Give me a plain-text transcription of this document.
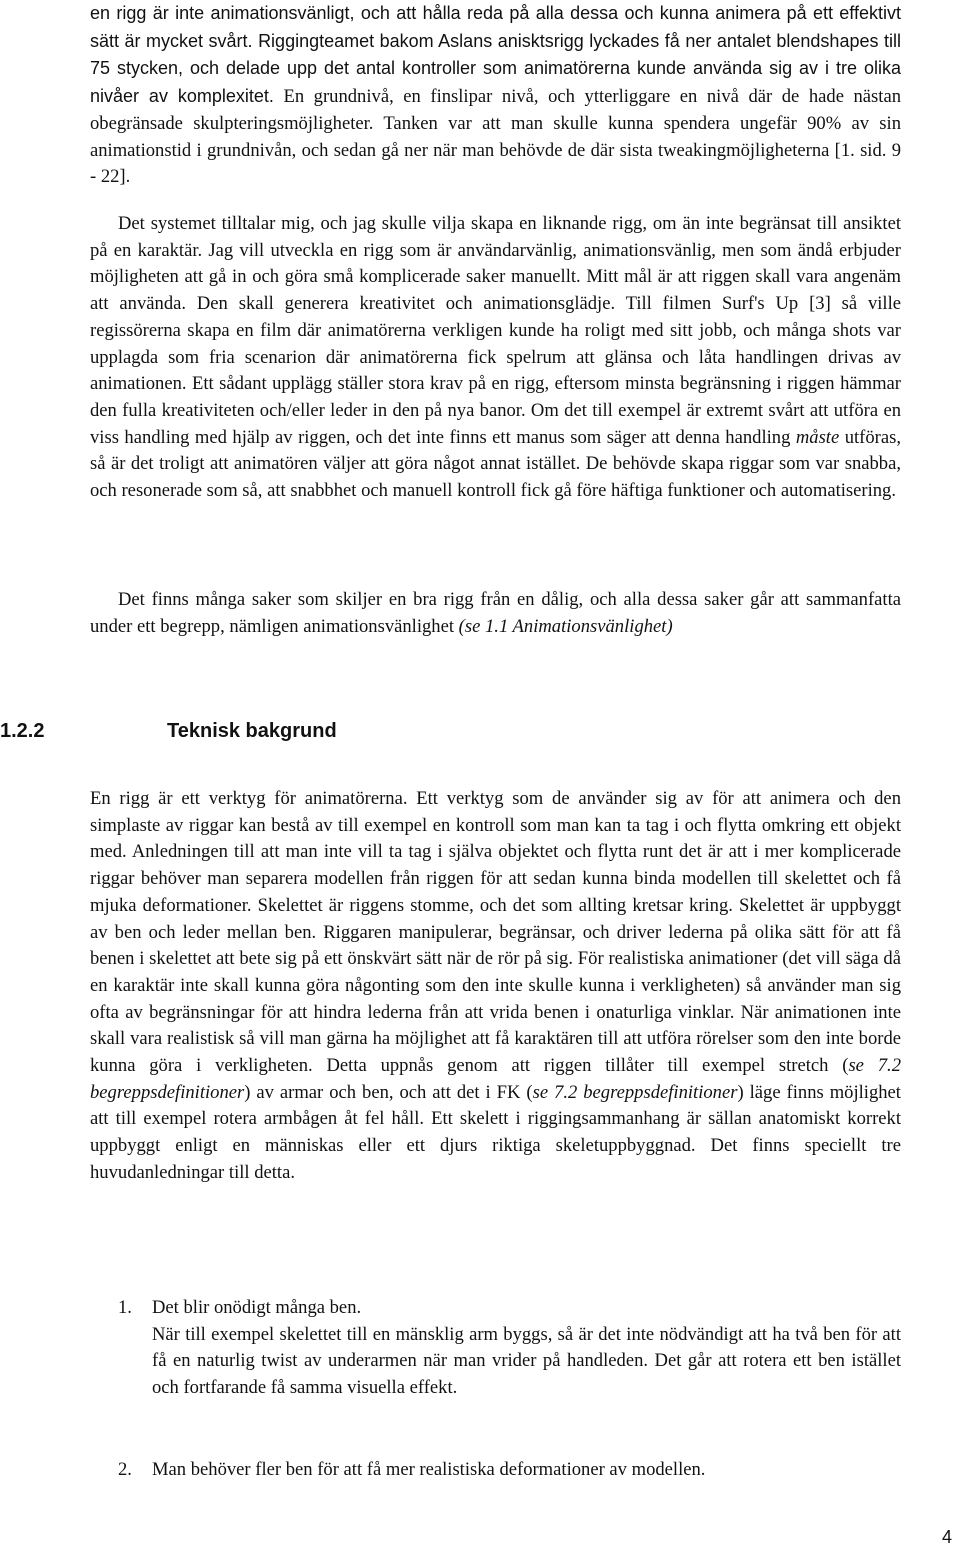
en rigg är inte animationsvänligt, och att hålla reda på alla dessa och kunna animera på ett effektivt sätt är mycket svårt. Riggingteamet bakom Aslans anisktsrigg lyckades få ner antalet blendshapes till 75 stycken, och delade upp det antal kontroller som animatörerna kunde använda sig av i tre olika nivåer av komplexitet. En grundnivå, en finslipar nivå, och ytterliggare en nivå där de hade nästan obegränsade skulpteringsmöjligheter. Tanken var att man skulle kunna spendera ungefär 90% av sin animationstid i grundnivån, och sedan gå ner när man behövde de där sista tweakingmöjligheterna [1. sid. 9 - 22].

Det systemet tilltalar mig, och jag skulle vilja skapa en liknande rigg, om än inte begränsat till ansiktet på en karaktär. Jag vill utveckla en rigg som är användarvänlig, animationsvänlig, men som ändå erbjuder möjligheten att gå in och göra små komplicerade saker manuellt. Mitt mål är att riggen skall vara angenäm att använda. Den skall generera kreativitet och animationsglädje. Till filmen Surf's Up [3] så ville regissörerna skapa en film där animatörerna verkligen kunde ha roligt med sitt jobb, och många shots var upplagda som fria scenarion där animatörerna fick spelrum att glänsa och låta handlingen drivas av animationen. Ett sådant upplägg ställer stora krav på en rigg, eftersom minsta begränsning i riggen hämmar den fulla kreativiteten och/eller leder in den på nya banor. Om det till exempel är extremt svårt att utföra en viss handling med hjälp av riggen, och det inte finns ett manus som säger att denna handling måste utföras, så är det troligt att animatören väljer att göra något annat istället. De behövde skapa riggar som var snabba, och resonerade som så, att snabbhet och manuell kontroll fick gå före häftiga funktioner och automatisering.

Det finns många saker som skiljer en bra rigg från en dålig, och alla dessa saker går att sammanfatta under ett begrepp, nämligen animationsvänlighet (se 1.1 Animationsvänlighet)

1.2.2	Teknisk bakgrund

En rigg är ett verktyg för animatörerna. Ett verktyg som de använder sig av för att animera och den simplaste av riggar kan bestå av till exempel en kontroll som man kan ta tag i och flytta omkring ett objekt med. Anledningen till att man inte vill ta tag i själva objektet och flytta runt det är att i mer komplicerade riggar behöver man separera modellen från riggen för att sedan kunna binda modellen till skelettet och få mjuka deformationer. Skelettet är riggens stomme, och det som allting kretsar kring. Skelettet är uppbyggt av ben och leder mellan ben. Riggaren manipulerar, begränsar, och driver lederna på olika sätt för att få benen i skelettet att bete sig på ett önskvärt sätt när de rör på sig. För realistiska animationer (det vill säga då en karaktär inte skall kunna göra någonting som den inte skulle kunna i verkligheten) så använder man sig ofta av begränsningar för att hindra lederna från att vrida benen i onaturliga vinklar. När animationen inte skall vara realistisk så vill man gärna ha möjlighet att få karaktären till att utföra rörelser som den inte borde kunna göra i verkligheten. Detta uppnås genom att riggen tillåter till exempel stretch (se 7.2 begreppsdefinitioner) av armar och ben, och att det i FK (se 7.2 begreppsdefinitioner) läge finns möjlighet att till exempel rotera armbågen åt fel håll. Ett skelett i riggingsammanhang är sällan anatomiskt korrekt uppbyggt enligt en människas eller ett djurs riktiga skeletuppbyggnad. Det finns speciellt tre huvudanledningar till detta.

1. Det blir onödigt många ben.
När till exempel skelettet till en mänsklig arm byggs, så är det inte nödvändigt att ha två ben för att få en naturlig twist av underarmen när man vrider på handleden. Det går att rotera ett ben istället och fortfarande få samma visuella effekt.

2. Man behöver fler ben för att få mer realistiska deformationer av modellen.

4
